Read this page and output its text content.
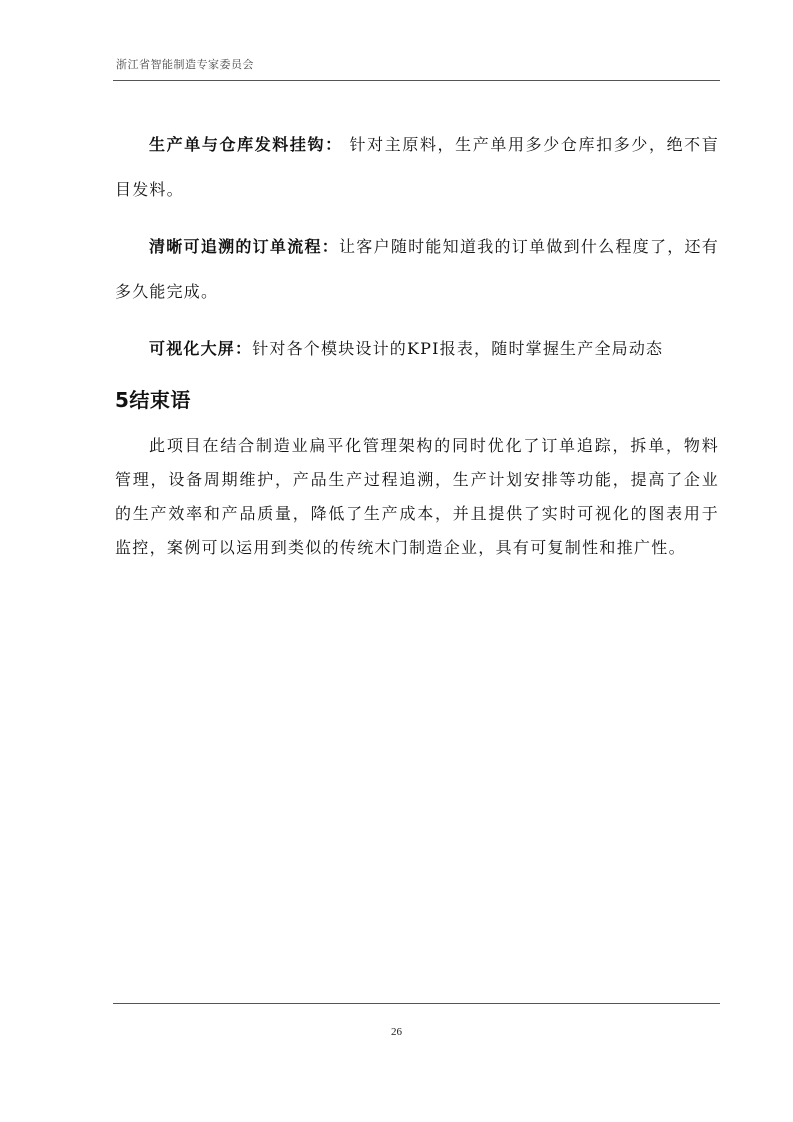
浙江省智能制造专家委员会

生产单与仓库发料挂钩： 针对主原料，生产单用多少仓库扣多少，绝不盲目发料。

清晰可追溯的订单流程：让客户随时能知道我的订单做到什么程度了，还有多久能完成。

可视化大屏：针对各个模块设计的KPI报表，随时掌握生产全局动态

5结束语

此项目在结合制造业扁平化管理架构的同时优化了订单追踪，拆单，物料管理，设备周期维护，产品生产过程追溯，生产计划安排等功能，提高了企业的生产效率和产品质量，降低了生产成本，并且提供了实时可视化的图表用于监控，案例可以运用到类似的传统木门制造企业，具有可复制性和推广性。

26
